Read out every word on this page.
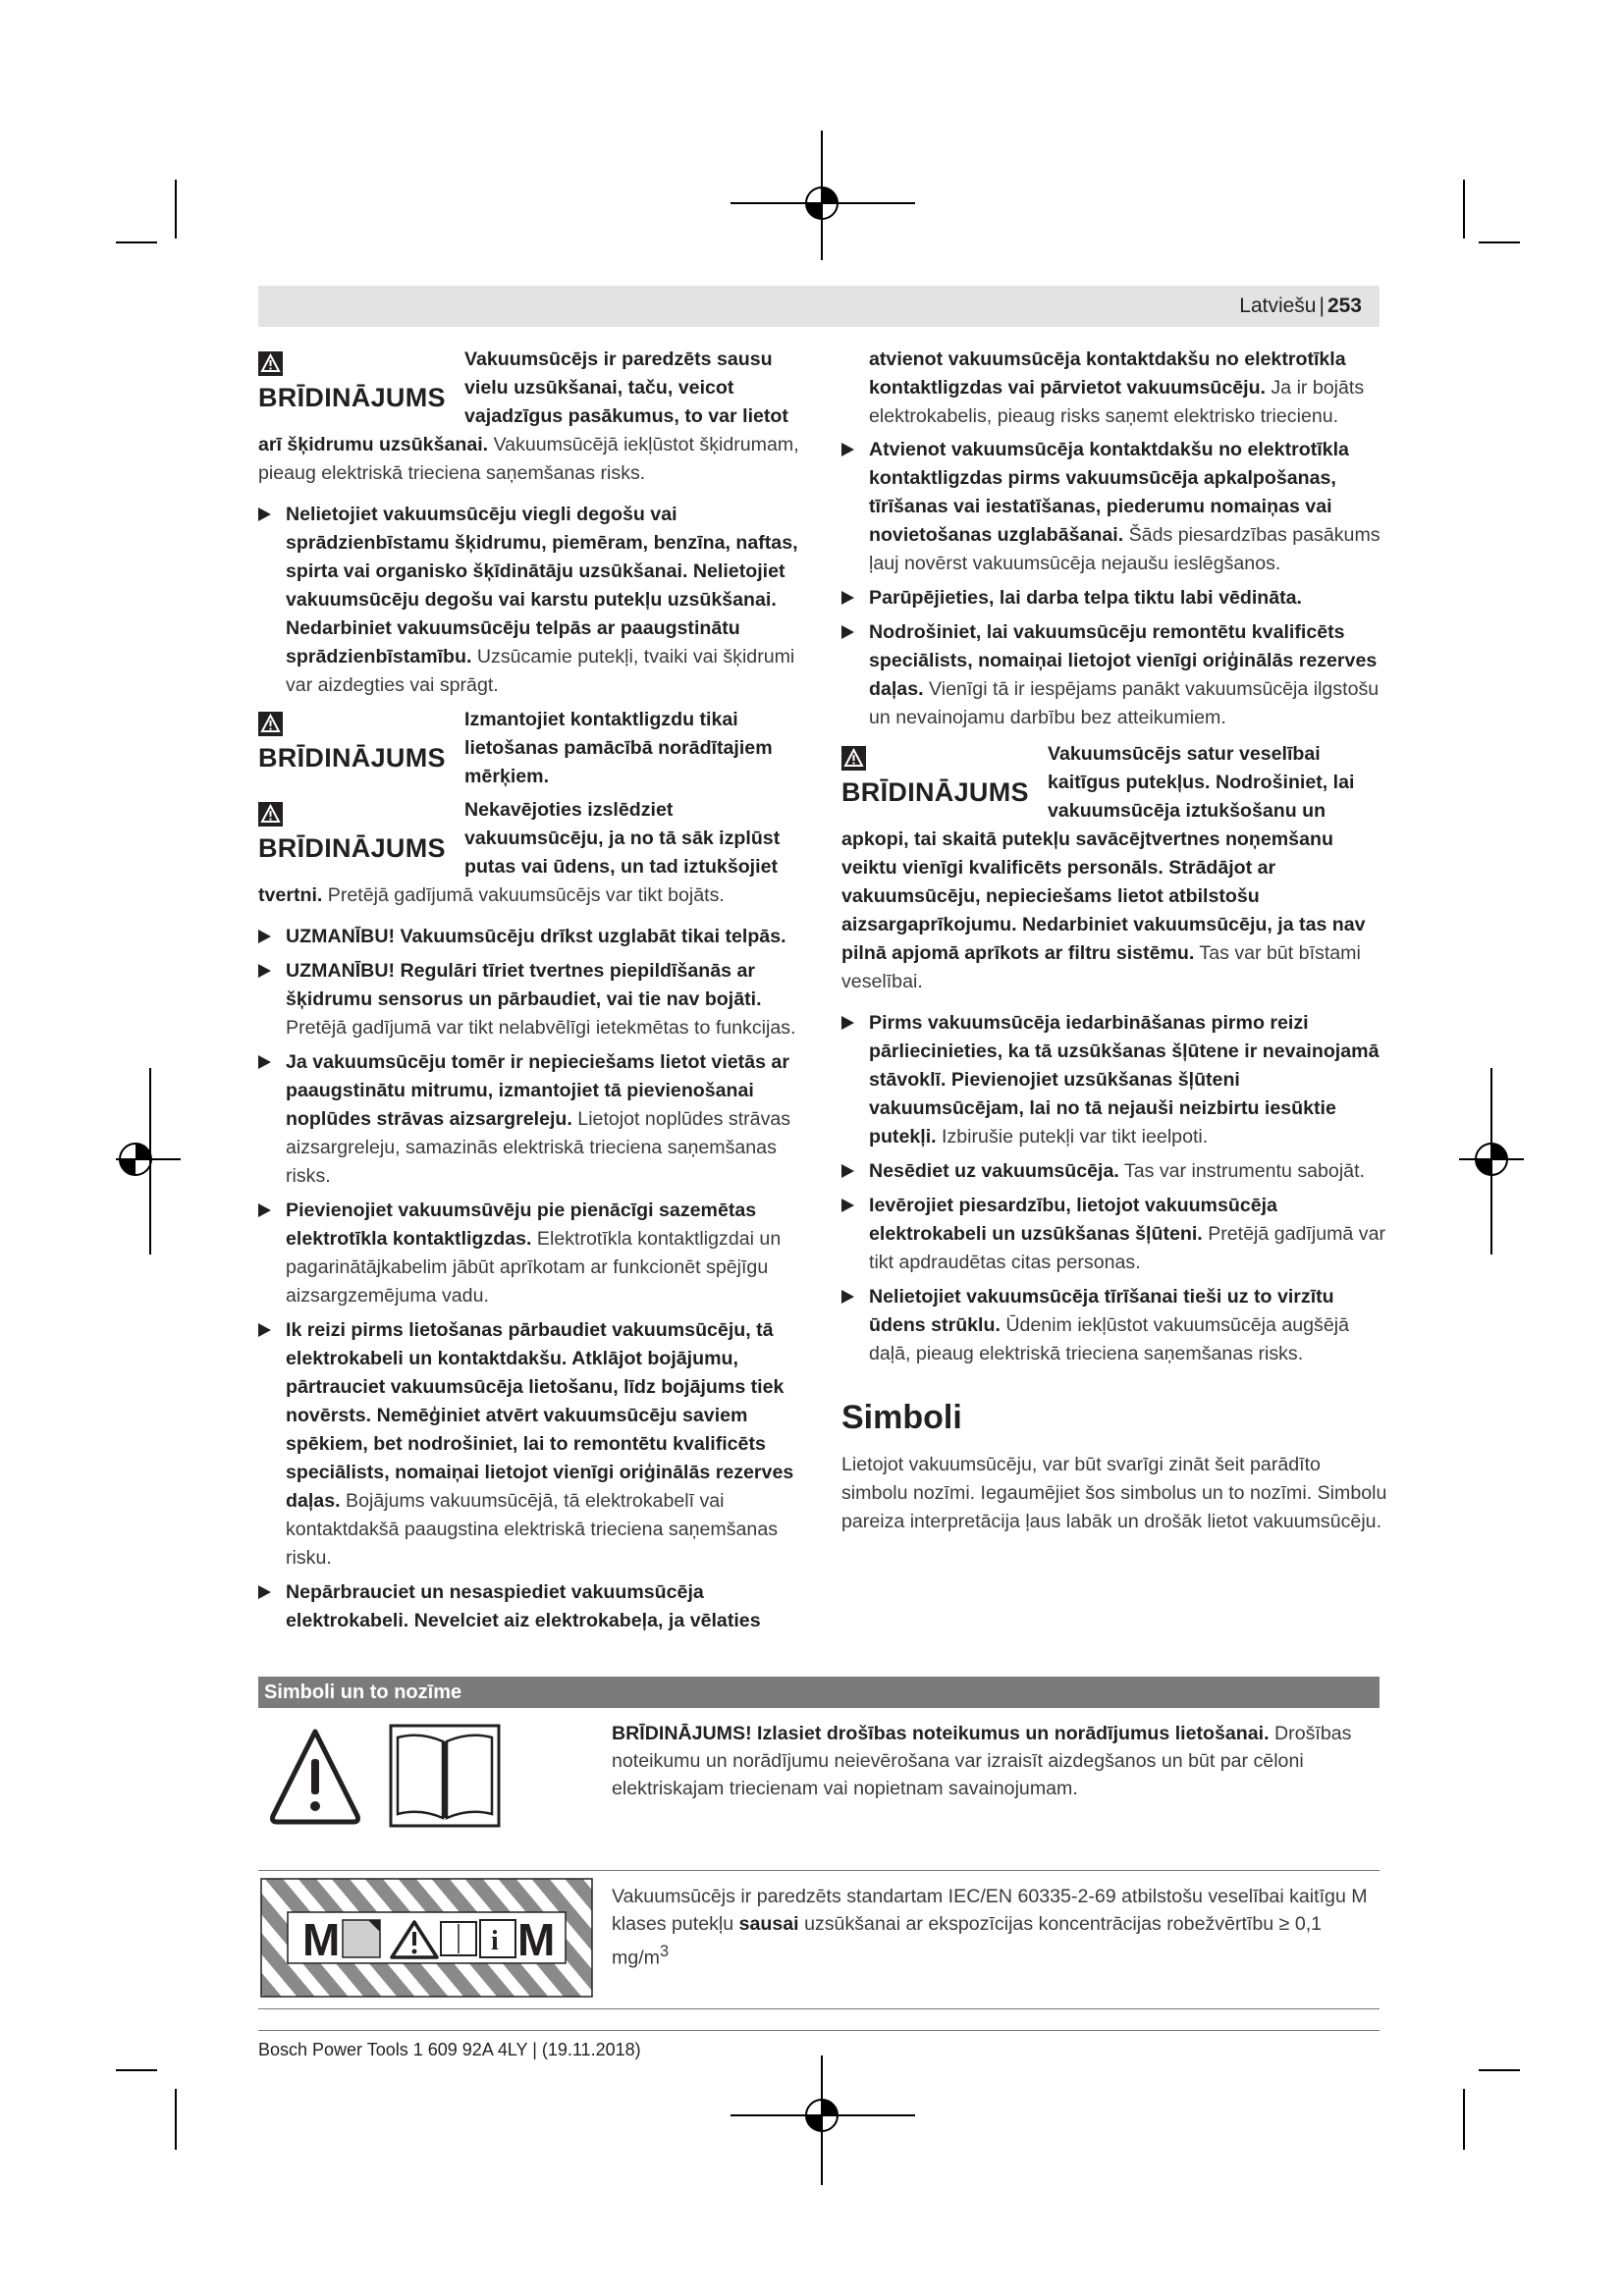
Latviešu | 253
BRĪDINĀJUMS

Vakuumsūcējs ir paredzēts sausu vielu uzsūkšanai, taču, veicot vajadzīgus pasākumus, to var lietot arī šķidrumu uzsūkšanai. Vakuumsūcējā iekļūstot šķidrumam, pieaug elektriskā trieciena saņemšanas risks.

Nelietojiet vakuumsūcēju viegli degošu vai sprādzienbīstamu šķidrumu, piemēram, benzīna, naftas, spirta vai organisko šķīdinātāju uzsūkšanai. Nelietojiet vakuumsūcēju degošu vai karstu putekļu uzsūkšanai. Nedarbiniet vakuumsūcēju telpās ar paaugstinātu sprādzienbīstamību. Uzsūcamie putekļi, tvaiki vai šķidrumi var aizdegties vai sprāgt.
BRĪDINĀJUMS

Izmantojiet kontaktligzdu tikai lietošanas pamācībā norādītajiem mērķiem.

BRĪDINĀJUMS

Nekavējoties izslēdziet vakuumsūcēju, ja no tā sāk izplūst putas vai ūdens, un tad iztukšojiet tvertni. Pretējā gadījumā vakuumsūcējs var tikt bojāts.

UZMANĪBU! Vakuumsūcēju drīkst uzglabāt tikai telpās.
UZMANĪBU! Regulāri tīriet tvertnes piepildīšanās ar šķidrumu sensorus un pārbaudiet, vai tie nav bojāti. Pretējā gadījumā var tikt nelabvēlīgi ietekmētas to funkcijas.
Ja vakuumsūcēju tomēr ir nepieciešams lietot vietās ar paaugstinātu mitrumu, izmantojiet tā pievienošanai noplūdes strāvas aizsargreleju. Lietojot noplūdes strāvas aizsargreleju, samazinās elektriskā trieciena saņemšanas risks.
Pievienojiet vakuumsūvēju pie pienācīgi sazemētas elektrotīkla kontaktligzdas. Elektrotīkla kontaktligzdai un pagarinātājkabelim jābūt aprīkotam ar funkcionēt spējīgu aizsargzemējuma vadu.
Ik reizi pirms lietošanas pārbaudiet vakuumsūcēju, tā elektrokabeli un kontaktdakšu. Atklājot bojājumu, pārtrauciet vakuumsūcēja lietošanu, līdz bojājums tiek novērsts. Nemēģiniet atvērt vakuumsūcēju saviem spēkiem, bet nodrošiniet, lai to remontētu kvalificēts speciālists, nomaiņai lietojot vienīgi oriģinālās rezerves daļas. Bojājums vakuumsūcējā, tā elektrokabelī vai kontaktdakšā paaugstina elektriskā trieciena saņemšanas risku.
Nepārbrauciet un nesaspiediet vakuumsūcēja elektrokabeli. Nevelciet aiz elektrokabeļa, ja vēlaties

atvienot vakuumsūcēja kontaktdakšu no elektrotīkla kontaktligzdas vai pārvietot vakuumsūcēju. Ja ir bojāts elektrokabelis, pieaug risks saņemt elektrisko triecienu.

Atvienot vakuumsūcēja kontaktdakšu no elektrotīkla kontaktligzdas pirms vakuumsūcēja apkalpošanas, tīrīšanas vai iestatīšanas, piederumu nomaiņas vai novietošanas uzglabāšanai. Šāds piesardzības pasākums ļauj novērst vakuumsūcēja nejaušu ieslēgšanos.
Parūpējieties, lai darba telpa tiktu labi vēdināta.
Nodrošiniet, lai vakuumsūcēju remontētu kvalificēts speciālists, nomaiņai lietojot vienīgi oriģinālās rezerves daļas. Vienīgi tā ir iespējams panākt vakuumsūcēja ilgstošu un nevainojamu darbību bez atteikumiem.
BRĪDINĀJUMS

Vakuumsūcējs satur veselībai kaitīgus putekļus. Nodrošiniet, lai vakuumsūcēja iztukšošanu un apkopi, tai skaitā putekļu savācējtvertnes noņemšanu veiktu vienīgi kvalificēts personāls. Strādājot ar vakuumsūcēju, nepieciešams lietot atbilstošu aizsargaprīkojumu. Nedarbiniet vakuumsūcēju, ja tas nav pilnā apjomā aprīkots ar filtru sistēmu. Tas var būt bīstami veselībai.

Pirms vakuumsūcēja iedarbināšanas pirmo reizi pārliecinieties, ka tā uzsūkšanas šļūtene ir nevainojamā stāvoklī. Pievienojiet uzsūkšanas šļūteni vakuumsūcējam, lai no tā nejauši neizbirtu iesūktie putekļi. Izbirušie putekļi var tikt ieelpoti.
Nesēdiet uz vakuumsūcēja. Tas var instrumentu sabojāt.
Ievērojiet piesardzību, lietojot vakuumsūcēja elektrokabeli un uzsūkšanas šļūteni. Pretējā gadījumā var tikt apdraudētas citas personas.
Nelietojiet vakuumsūcēja tīrīšanai tieši uz to virzītu ūdens strūklu. Ūdenim iekļūstot vakuumsūcēja augšējā daļā, pieaug elektriskā trieciena saņemšanas risks.
Simboli

Lietojot vakuumsūcēju, var būt svarīgi zināt šeit parādīto simbolu nozīmi. Iegaumējiet šos simbolus un to nozīmi. Simbolu pareiza interpretācija ļaus labāk un drošāk lietot vakuumsūcēju.

Simboli un to nozīme
BRĪDINĀJUMS! Izlasiet drošības noteikumus un norādījumus lietošanai. Drošības noteikumu un norādījumu neievērošana var izraisīt aizdegšanos un būt par cēloni elektriskajam triecienam vai nopietnam savainojumam.
M	i M
Vakuumsūcējs ir paredzēts standartam IEC/EN 60335-2-69 atbilstošu veselībai kaitīgu M klases putekļu sausai uzsūkšanai ar ekspozīcijas koncentrācijas robežvērtību ≥ 0,1 $mg/m^3$
Bosch Power Tools 1 609 92A 4LY | (19.11.2018)
